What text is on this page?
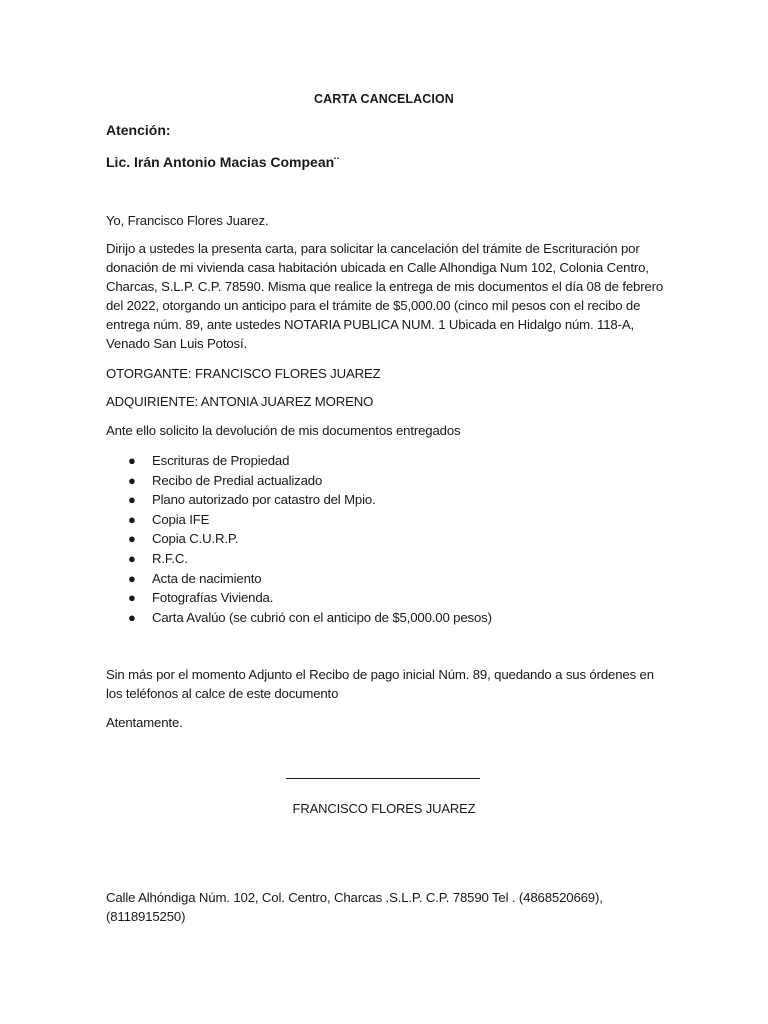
CARTA CANCELACION
Atención:
Lic. Irán Antonio Macias Compean¨
Yo, Francisco Flores Juarez.
Dirijo a ustedes la presenta carta, para solicitar la cancelación del trámite de Escrituración por donación de mi vivienda casa habitación ubicada en Calle Alhondiga Num 102, Colonia Centro, Charcas, S.L.P. C.P. 78590. Misma que realice la entrega de mis documentos el día 08 de febrero del 2022, otorgando un anticipo para el trámite de $5,000.00 (cinco mil pesos con el recibo de entrega núm. 89, ante ustedes NOTARIA PUBLICA NUM. 1 Ubicada en Hidalgo núm. 118-A, Venado San Luis Potosí.
OTORGANTE: FRANCISCO FLORES JUAREZ
ADQUIRIENTE: ANTONIA JUAREZ MORENO
Ante ello solicito la devolución de mis documentos entregados
● Escrituras de Propiedad
● Recibo de Predial actualizado
● Plano autorizado por catastro del Mpio.
● Copia IFE
● Copia C.U.R.P.
● R.F.C.
● Acta de nacimiento
● Fotografías Vivienda.
● Carta Avalúo (se cubrió con el anticipo de $5,000.00 pesos)
Sin más por el momento Adjunto el Recibo de pago inicial Núm. 89, quedando a sus órdenes en los teléfonos al calce de este documento
Atentamente.
FRANCISCO FLORES JUAREZ
Calle Alhóndiga Núm. 102, Col. Centro, Charcas .S.L.P. C.P. 78590 Tel . (4868520669), (8118915250)
